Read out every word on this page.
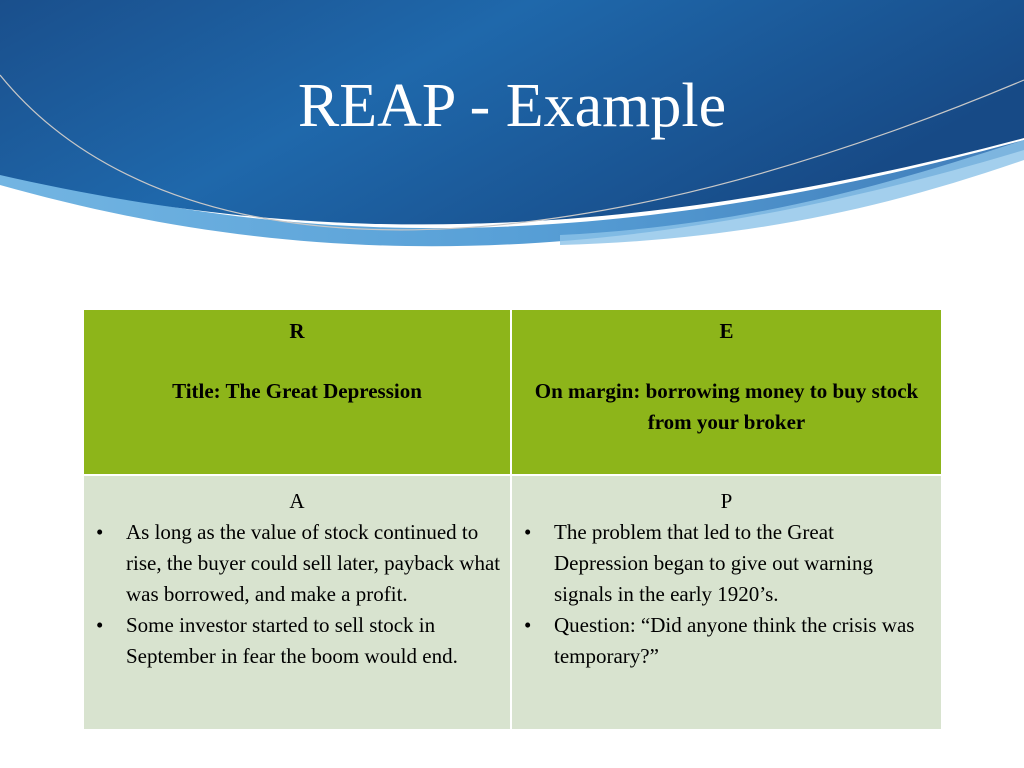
REAP - Example
R
Title: The Great Depression
E
On margin: borrowing money to buy stock from your broker
A
• As long as the value of stock continued to rise, the buyer could sell later, payback what was borrowed, and make a profit.
• Some investor started to sell stock in September in fear the boom would end.
P
• The problem that led to the Great Depression began to give out warning signals in the early 1920’s.
• Question: “Did anyone think the crisis was temporary?”
